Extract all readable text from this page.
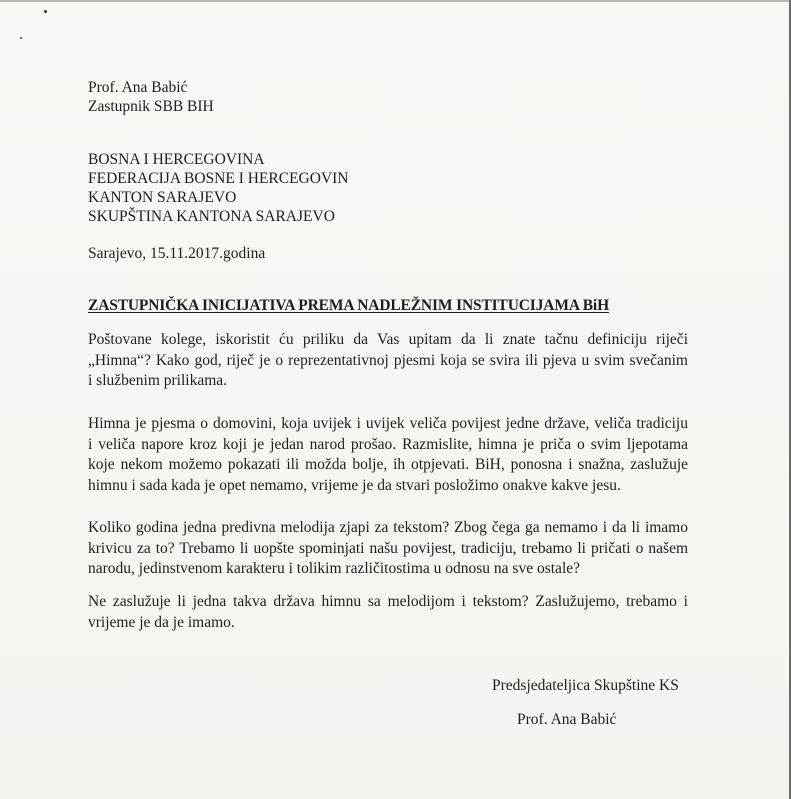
Prof. Ana Babić
Zastupnik SBB BIH
BOSNA I HERCEGOVINA
FEDERACIJA BOSNE I HERCEGOVIN
KANTON SARAJEVO
SKUPŠTINA KANTONA SARAJEVO
Sarajevo, 15.11.2017.godina
ZASTUPNIČKA INICIJATIVA PREMA NADLEŽNIM INSTITUCIJAMA BiH
Poštovane kolege, iskoristit ću priliku da Vas upitam da li znate tačnu definiciju riječi
„Himna“? Kako god, riječ je o reprezentativnoj pjesmi koja se svira ili pjeva u svim svečanim
i službenim prilikama.
Himna je pjesma o domovini, koja uvijek i uvijek veliča povijest jedne države, veliča tradiciju
i veliča napore kroz koji je jedan narod prošao. Razmislite, himna je priča o svim ljepotama
koje nekom možemo pokazati ili možda bolje, ih otpjevati. BiH, ponosna i snažna, zaslužuje
himnu i sada kada je opet nemamo, vrijeme je da stvari posložimo onakve kakve jesu.
Koliko godina jedna predivna melodija zjapi za tekstom? Zbog čega ga nemamo i da li imamo
krivicu za to? Trebamo li uopšte spominjati našu povijest, tradiciju, trebamo li pričati o našem
narodu, jedinstvenom karakteru i tolikim različitostima u odnosu na sve ostale?
Ne zaslužuje li jedna takva država himnu sa melodijom i tekstom? Zaslužujemo, trebamo i
vrijeme je da je imamo.
Predsjedateljica Skupštine KS
Prof. Ana Babić
